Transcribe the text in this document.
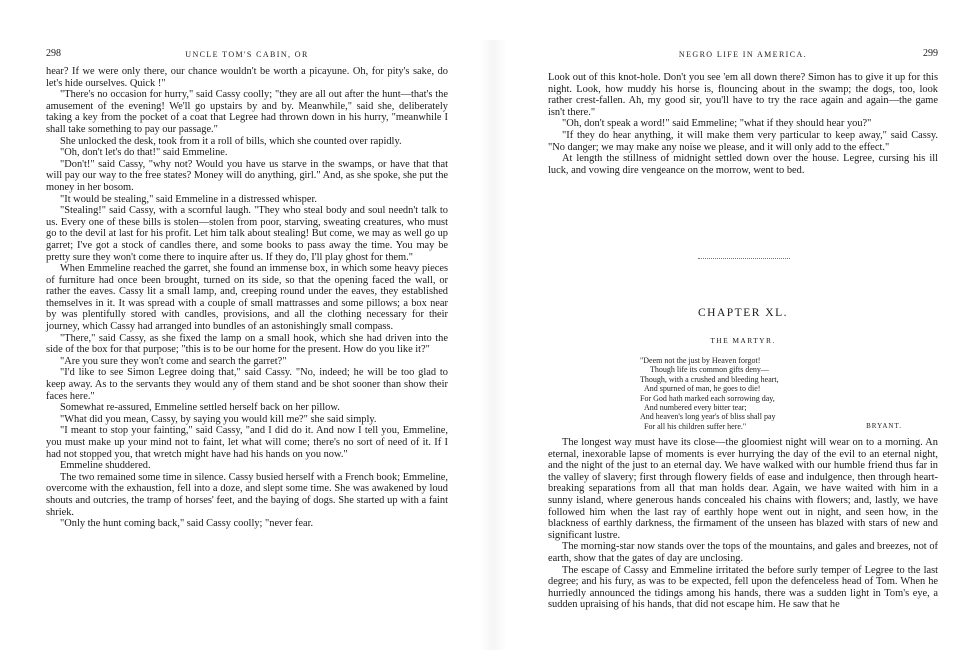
298	UNCLE TOM'S CABIN, OR

hear? If we were only there, our chance wouldn't be worth a picayune. Oh, for pity's sake, do let's hide ourselves. Quick !"

"There's no occasion for hurry," said Cassy coolly; "they are all out after the hunt—that's the amusement of the evening! We'll go upstairs by and by. Meanwhile," said she, deliberately taking a key from the pocket of a coat that Legree had thrown down in his hurry, "meanwhile I shall take something to pay our passage."

She unlocked the desk, took from it a roll of bills, which she counted over rapidly.

"Oh, don't let's do that!" said Emmeline.

"Don't!" said Cassy, "why not? Would you have us starve in the swamps, or have that that will pay our way to the free states? Money will do anything, girl." And, as she spoke, she put the money in her bosom.

"It would be stealing," said Emmeline in a distressed whisper.

"Stealing!" said Cassy, with a scornful laugh. "They who steal body and soul needn't talk to us. Every one of these bills is stolen—stolen from poor, starving, sweating creatures, who must go to the devil at last for his profit. Let him talk about stealing! But come, we may as well go up garret; I've got a stock of candles there, and some books to pass away the time. You may be pretty sure they won't come there to inquire after us. If they do, I'll play ghost for them."

When Emmeline reached the garret, she found an immense box, in which some heavy pieces of furniture had once been brought, turned on its side, so that the opening faced the wall, or rather the eaves. Cassy lit a small lamp, and, creeping round under the eaves, they established themselves in it. It was spread with a couple of small mattrasses and some pillows; a box near by was plentifully stored with candles, provisions, and all the clothing necessary for their journey, which Cassy had arranged into bundles of an astonishingly small compass.

"There," said Cassy, as she fixed the lamp on a small hook, which she had driven into the side of the box for that purpose; "this is to be our home for the present. How do you like it?"

"Are you sure they won't come and search the garret?"

"I'd like to see Simon Legree doing that," said Cassy. "No, indeed; he will be too glad to keep away. As to the servants they would any of them stand and be shot sooner than show their faces here."

Somewhat re-assured, Emmeline settled herself back on her pillow.

"What did you mean, Cassy, by saying you would kill me?" she said simply.

"I meant to stop your fainting," said Cassy, "and I did do it. And now I tell you, Emmeline, you must make up your mind not to faint, let what will come; there's no sort of need of it. If I had not stopped you, that wretch might have had his hands on you now."

Emmeline shuddered.

The two remained some time in silence. Cassy busied herself with a French book; Emmeline, overcome with the exhaustion, fell into a doze, and slept some time. She was awakened by loud shouts and outcries, the tramp of horses' feet, and the baying of dogs. She started up with a faint shriek.

"Only the hunt coming back," said Cassy coolly; "never fear.

NEGRO LIFE IN AMERICA.	299

Look out of this knot-hole. Don't you see 'em all down there? Simon has to give it up for this night. Look, how muddy his horse is, flouncing about in the swamp; the dogs, too, look rather crest-fallen. Ah, my good sir, you'll have to try the race again and again—the game isn't there."

"Oh, don't speak a word!" said Emmeline; "what if they should hear you?"

"If they do hear anything, it will make them very particular to keep away," said Cassy. "No danger; we may make any noise we please, and it will only add to the effect."

At length the stillness of midnight settled down over the house. Legree, cursing his ill luck, and vowing dire vengeance on the morrow, went to bed.

CHAPTER XL.
THE MARTYR.
"Deem not the just by Heaven forgot!
Though life its common gifts deny—
Though, with a crushed and bleeding heart,
And spurned of man, he goes to die!
For God hath marked each sorrowing day,
And numbered every bitter tear;
And heaven's long year's of bliss shall pay
For all his children suffer here."	BRYANT.

The longest way must have its close—the gloomiest night will wear on to a morning. An eternal, inexorable lapse of moments is ever hurrying the day of the evil to an eternal night, and the night of the just to an eternal day. We have walked with our humble friend thus far in the valley of slavery; first through flowery fields of ease and indulgence, then through heart-breaking separations from all that man holds dear. Again, we have waited with him in a sunny island, where generous hands concealed his chains with flowers; and, lastly, we have followed him when the last ray of earthly hope went out in night, and seen how, in the blackness of earthly darkness, the firmament of the unseen has blazed with stars of new and significant lustre.

The morning-star now stands over the tops of the mountains, and gales and breezes, not of earth, show that the gates of day are unclosing.

The escape of Cassy and Emmeline irritated the before surly temper of Legree to the last degree; and his fury, as was to be expected, fell upon the defenceless head of Tom. When he hurriedly announced the tidings among his hands, there was a sudden light in Tom's eye, a sudden upraising of his hands, that did not escape him. He saw that he
